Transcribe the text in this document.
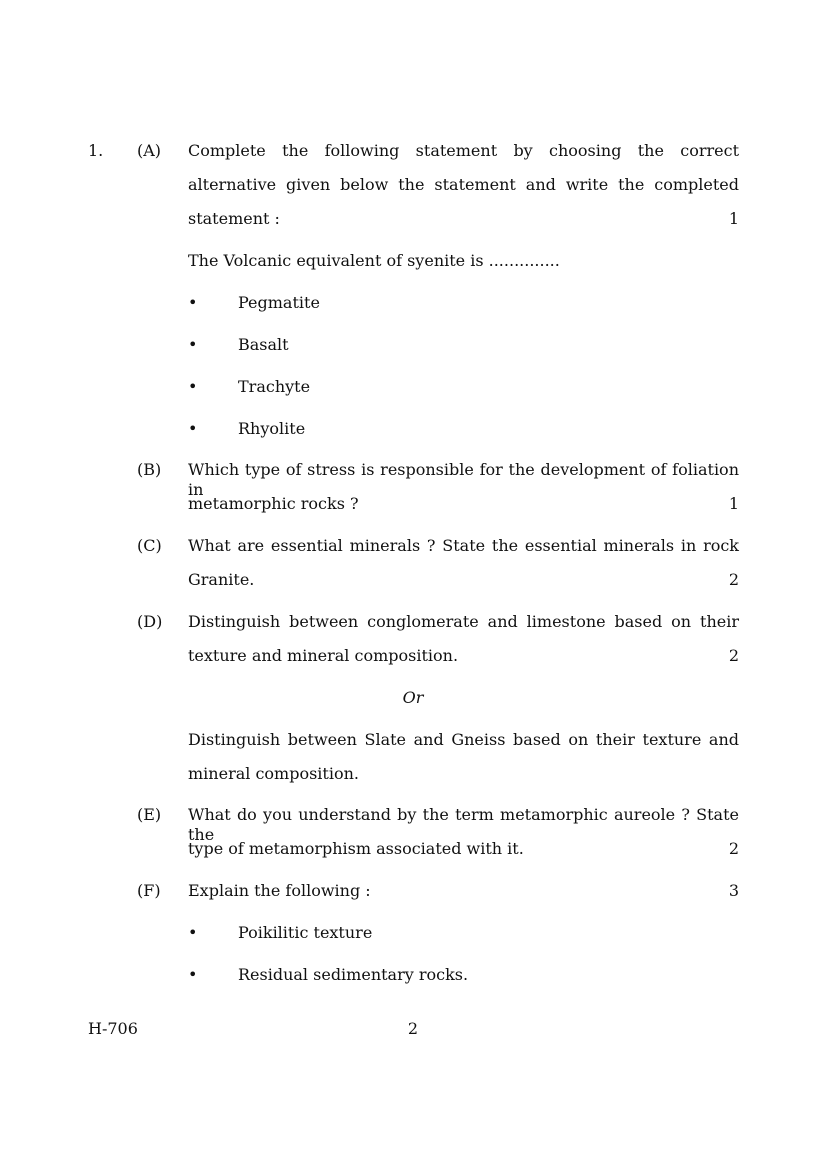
1. (A) Complete the following statement by choosing the correct
alternative given below the statement and write the completed
statement :	1
The Volcanic equivalent of syenite is ..............
•	Pegmatite
•	Basalt
•	Trachyte
•	Rhyolite
(B) Which type of stress is responsible for the development of foliation in
metamorphic rocks ?	1
(C) What are essential minerals ? State the essential minerals in rock
Granite.	2
(D) Distinguish between conglomerate and limestone based on their
texture and mineral composition.	2
Or
Distinguish between Slate and Gneiss based on their texture and
mineral composition.
(E) What do you understand by the term metamorphic aureole ? State the
type of metamorphism associated with it.	2
(F) Explain the following :	3
•	Poikilitic texture
•	Residual sedimentary rocks.
H-706	2
